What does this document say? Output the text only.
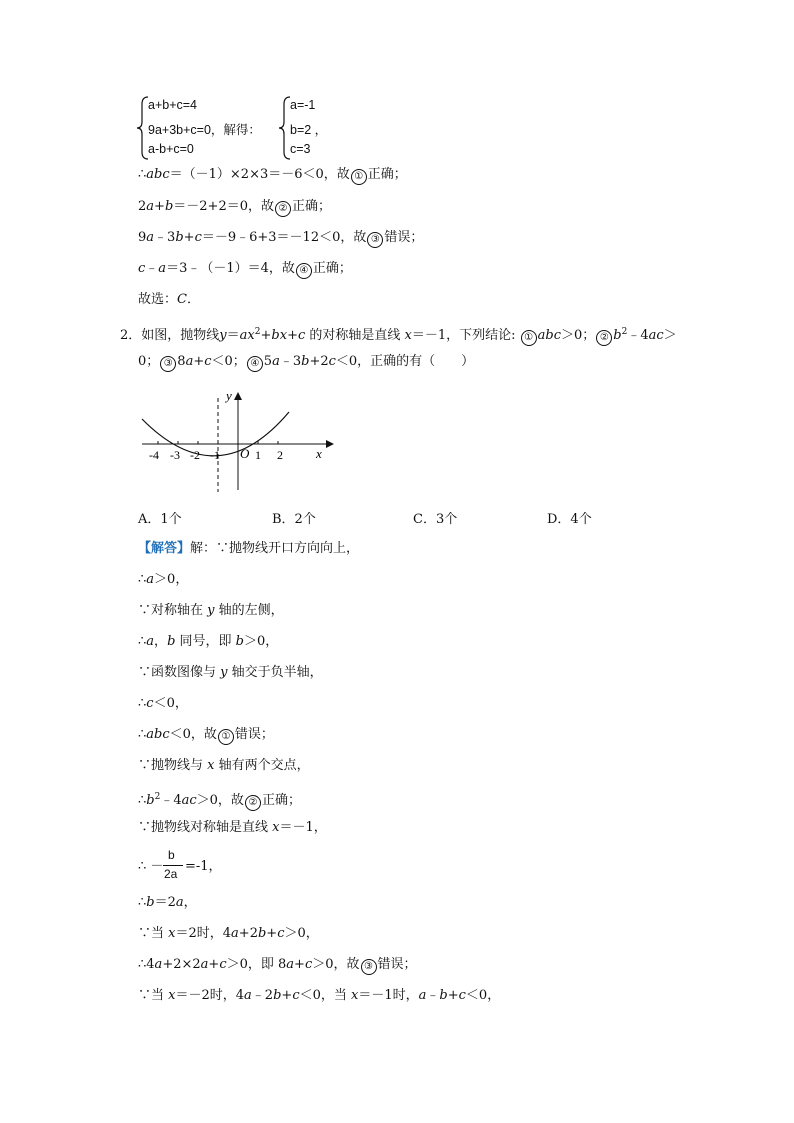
a+b+c=4
9a+3b+c=0，解得：
a-b+c=0
a=-1
b=2 ，
c=3
∴abc＝（－1）×2×3＝－6＜0，故 ① 正确；
2a+b＝－2+2＝0，故 ② 正确；
9a﹣3b+c＝－9﹣6+3＝－12＜0，故 ③ 错误；
c﹣a＝3﹣（－1）＝4，故 ④ 正确；
故选：C．
2．如图，抛物线$y=ax^2+bx+c$ 的对称轴是直线 x＝－1，下列结论: ① abc＞0； ② $b^2﹣4ac>$
0； ③ 8a+c＜0； ④ 5a﹣3b+2c＜0，正确的有（　　）
y
x
O
-4 -3 -2 -1	1 2
A．1个	B．2个	C．3个	D．4个
【解答】解：∵抛物线开口方向向上，
∴a＞0，
∵对称轴在 y 轴的左侧，
∴a，b 同号，即 b＞0，
∵函数图像与 y 轴交于负半轴，
∴c＜0，
∴abc＜0，故 ① 错误；
∵抛物线与 x 轴有两个交点，
$\therefore b^2﹣4ac>0$，故 ② 正确；
∵抛物线对称轴是直线 x＝－1，
∴ －
b
2a =-1，
∴b＝2a，
∵当 x＝2时，4a+2b+c＞0，
∴4a+2×2a+c＞0，即 8a+c＞0，故 ③ 错误；
∵当 x＝－2时，4a﹣2b+c＜0，当 x＝－1时，a﹣b+c＜0，
